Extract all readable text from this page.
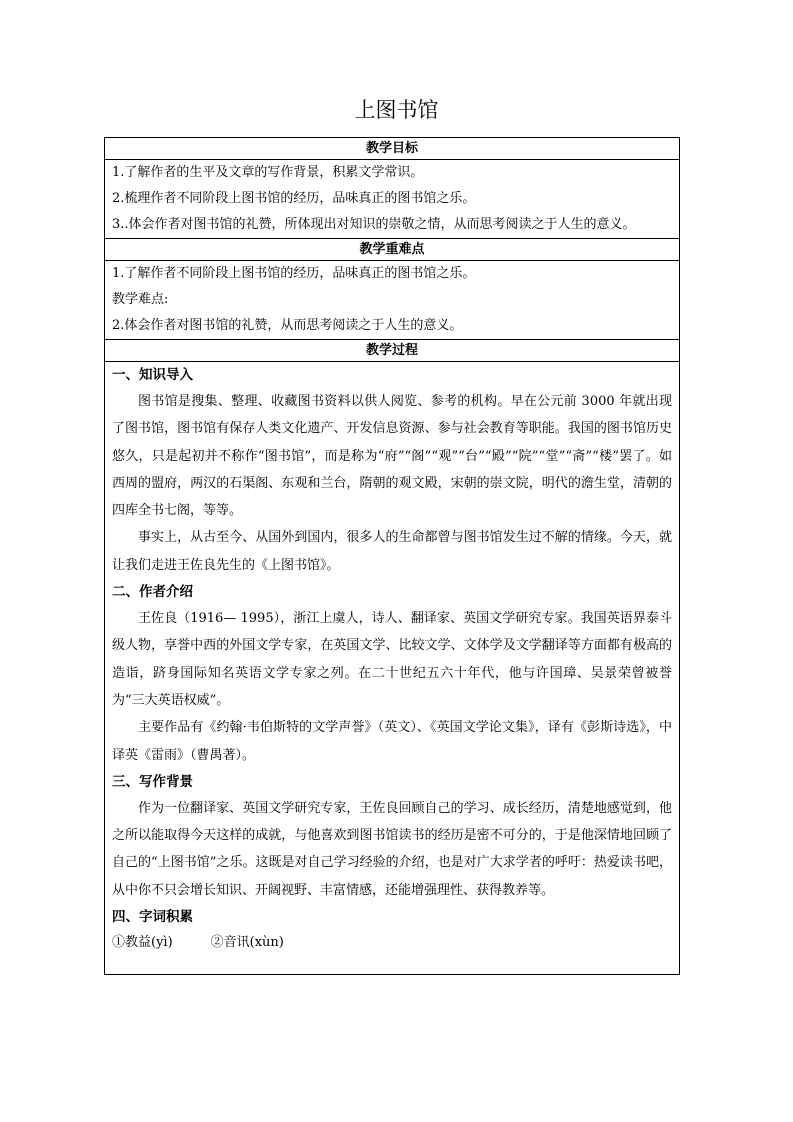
上图书馆
教学目标

1.了解作者的生平及文章的写作背景，积累文学常识。

2.梳理作者不同阶段上图书馆的经历，品味真正的图书馆之乐。

3..体会作者对图书馆的礼赞，所体现出对知识的崇敬之情，从而思考阅读之于人生的意义。

教学重难点

1.了解作者不同阶段上图书馆的经历，品味真正的图书馆之乐。

教学难点:

2.体会作者对图书馆的礼赞，从而思考阅读之于人生的意义。

教学过程

一、知识导入

图书馆是搜集、整理、收藏图书资料以供人阅览、参考的机构。早在公元前 3000 年就出现了图书馆，图书馆有保存人类文化遗产、开发信息资源、参与社会教育等职能。我国的图书馆历史悠久，只是起初并不称作“图书馆”，而是称为“府”“阁”“观”“台”“殿”“院”“堂”“斋”“楼”罢了。如西周的盟府，两汉的石渠阁、东观和兰台，隋朝的观文殿，宋朝的崇文院，明代的澹生堂，清朝的四库全书七阁，等等。

事实上，从古至今、从国外到国内，很多人的生命都曾与图书馆发生过不解的情缘。今天，就让我们走进王佐良先生的《上图书馆》。

二、作者介绍

王佐良（1916— 1995），浙江上虞人，诗人、翻译家、英国文学研究专家。我国英语界泰斗级人物，享誉中西的外国文学专家，在英国文学、比较文学、文体学及文学翻译等方面都有极高的造诣，跻身国际知名英语文学专家之列。在二十世纪五六十年代，他与许国璋、吴景荣曾被誉为“三大英语权威”。

主要作品有《约翰·韦伯斯特的文学声誉》（英文）、《英国文学论文集》，译有《彭斯诗选》，中译英《雷雨》（曹禺著）。

三、写作背景

作为一位翻译家、英国文学研究专家，王佐良回顾自己的学习、成长经历，清楚地感觉到，他之所以能取得今天这样的成就，与他喜欢到图书馆读书的经历是密不可分的，于是他深情地回顾了自己的“上图书馆”之乐。这既是对自己学习经验的介绍，也是对广大求学者的呼吁：热爱读书吧，从中你不只会增长知识、开阔视野、丰富情感，还能增强理性、获得教养等。

四、字词积累

①教益(yì)	②音讯(xùn)
